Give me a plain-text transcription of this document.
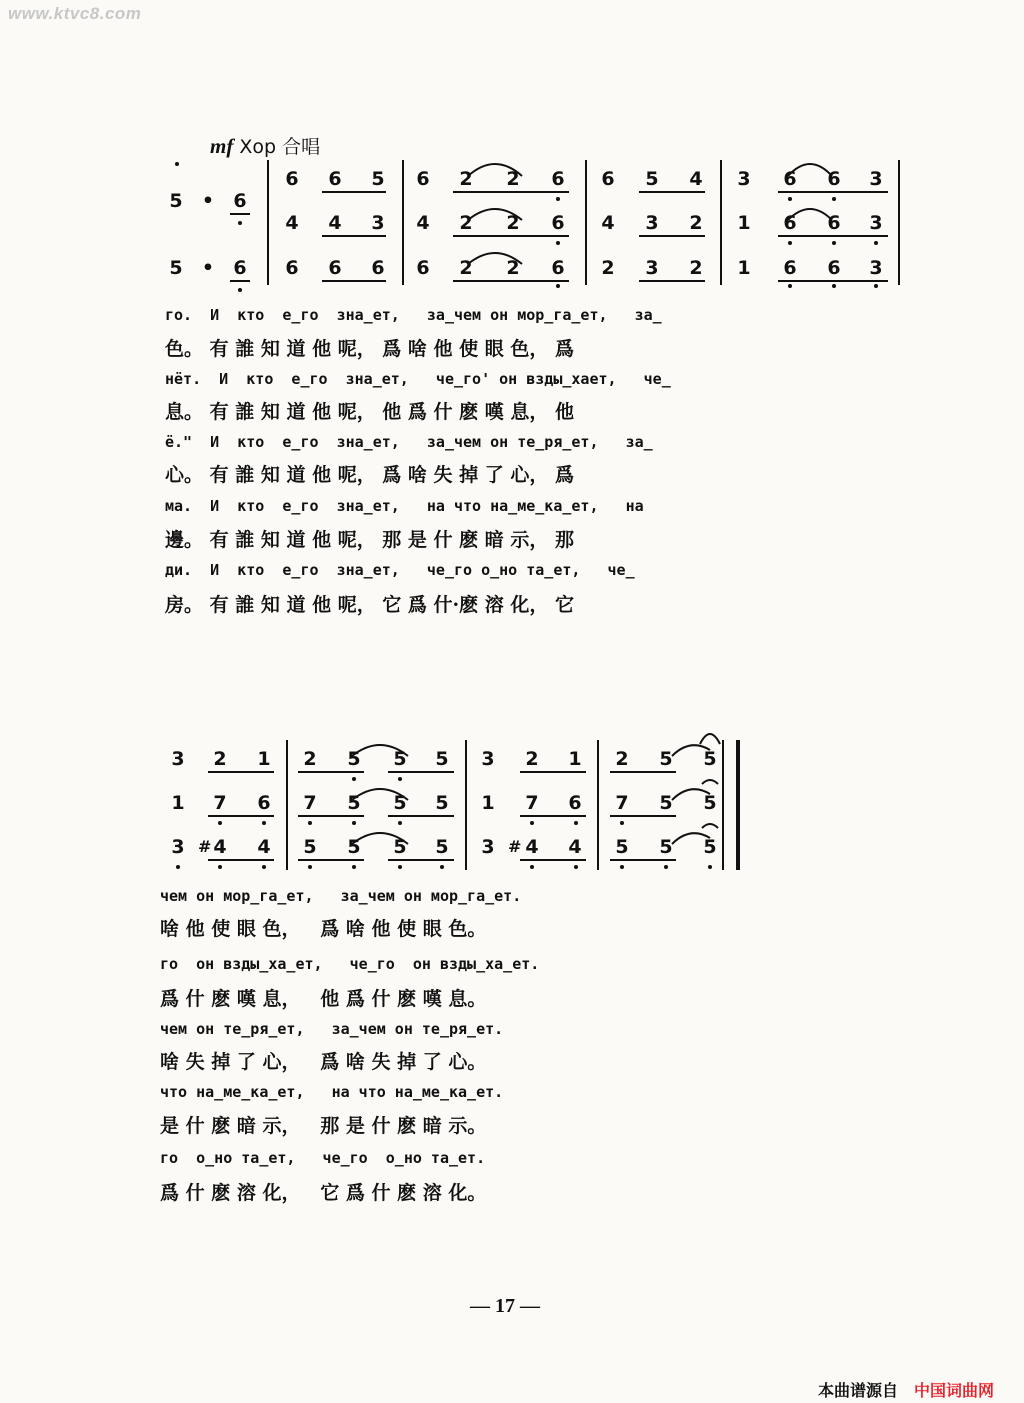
www.ktvc8.com
mf Хор 合唱
5 • 6
5 • 6
6 6 5 6 2 2 6 6 5 4 3 6 6 3
4 4 3 4 2 2 6 4 3 2 1 6 6 3
6 6 6 6 2 2 6 2 3 2 1 6 6 3
3 2 1 2 5 5 5 3 2 1 2 5 5
1 7 6 7 5 5 5 1 7 6 7 5 5
3 # 4 4 5 5 5 5 3 # 4 4 5 5 5
го.  И  кто  е_го  зна_ет,   за_чем он мор_га_ет,   за_
色。 有 誰 知 道 他 呢， 爲 啥 他 使 眼 色， 爲
нёт.  И  кто  е_го  зна_ет,   че_го' он взды_хает,   че_
息。 有 誰 知 道 他 呢， 他 爲 什 麽 嘆 息， 他
ё."  И  кто  е_го  зна_ет,   за_чем он те_ря_ет,   за_
心。 有 誰 知 道 他 呢， 爲 啥 失 掉 了 心， 爲
ма.  И  кто  е_го  зна_ет,   на что на_ме_ка_ет,   на
邊。 有 誰 知 道 他 呢， 那 是 什 麽 暗 示， 那
ди.  И  кто  е_го  зна_ет,   че_го о_но та_ет,   че_
房。 有 誰 知 道 他 呢， 它 爲 什·麽 溶 化， 它
чем он мор_га_ет,   за_чем он мор_га_ет.
啥 他 使 眼 色，   爲 啥 他 使 眼 色。
го  он взды_ха_ет,   че_го  он взды_ха_ет.
爲 什 麽 嘆 息，   他 爲 什 麽 嘆 息。
чем он те_ря_ет,   за_чем он те_ря_ет.
啥 失 掉 了 心，   爲 啥 失 掉 了 心。
что на_ме_ка_ет,   на что на_ме_ка_ет.
是 什 麽 暗 示，   那 是 什 麽 暗 示。
го  о_но та_ет,   че_го  о_но та_ет.
爲 什 麽 溶 化，   它 爲 什 麽 溶 化。
— 17 —
本曲谱源自 中国词曲网
